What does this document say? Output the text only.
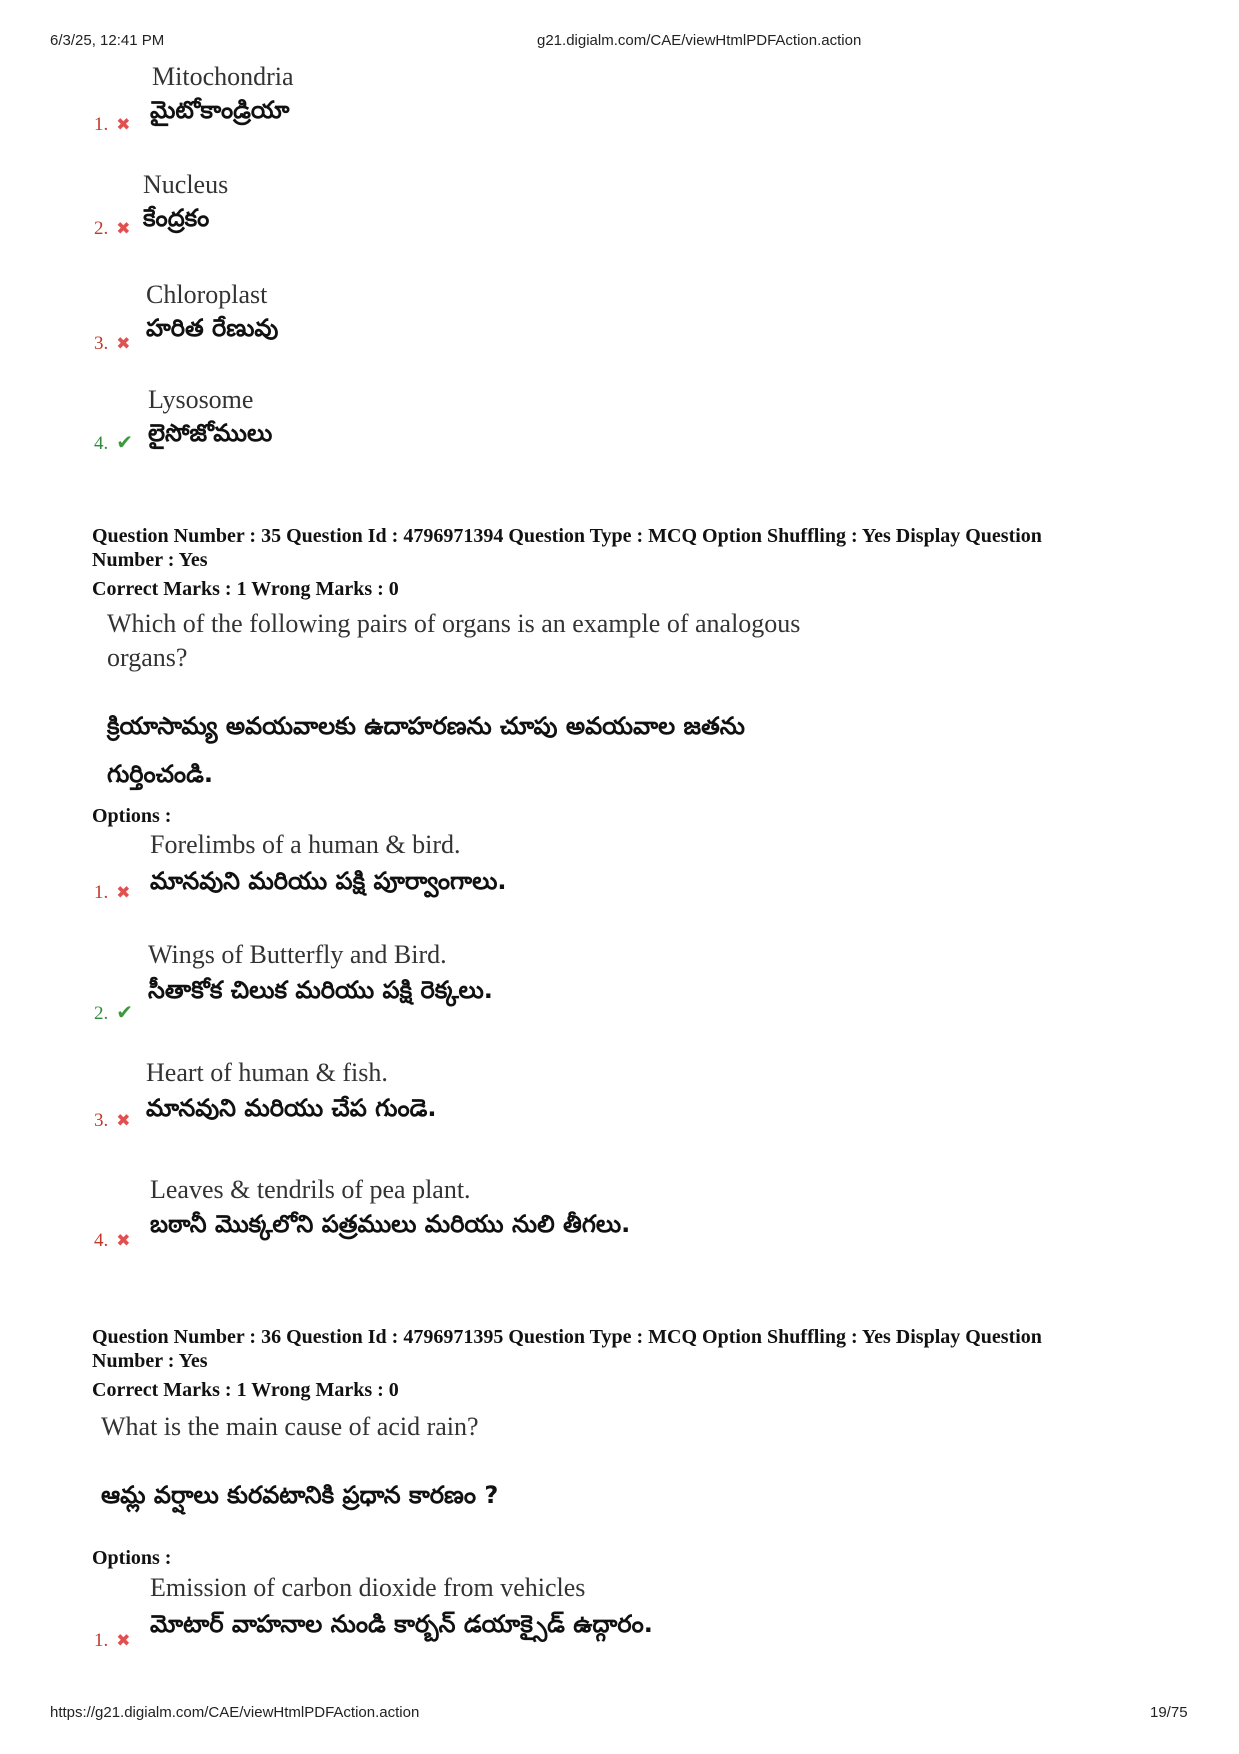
6/3/25, 12:41 PM	g21.digialm.com/CAE/viewHtmlPDFAction.action
Mitochondria
మైటోకాండ్రియా
1. ✖
Nucleus
కేంద్రకం
2. ✖
Chloroplast
హరిత రేణువు
3. ✖
Lysosome
లైసోజోములు
4. ✔
Question Number : 35 Question Id : 4796971394 Question Type : MCQ Option Shuffling : Yes Display Question
Number : Yes
Correct Marks : 1 Wrong Marks : 0
Which of the following pairs of organs is an example of analogous
organs?
క్రియాసామ్య అవయవాలకు ఉదాహరణను చూపు అవయవాల జతను
గుర్తించండి.
Options :
Forelimbs of a human & bird.
మానవుని మరియు పక్షి పూర్వాంగాలు.
1. ✖
Wings of Butterfly and Bird.
సీతాకోక చిలుక మరియు పక్షి రెక్కలు.
2. ✔
Heart of human & fish.
మానవుని మరియు చేప గుండె.
3. ✖
Leaves & tendrils of pea plant.
బఠానీ మొక్కలోని పత్రములు మరియు నులి తీగలు.
4. ✖
Question Number : 36 Question Id : 4796971395 Question Type : MCQ Option Shuffling : Yes Display Question
Number : Yes
Correct Marks : 1 Wrong Marks : 0
What is the main cause of acid rain?
ఆమ్ల వర్షాలు కురవటానికి ప్రధాన కారణం ?
Options :
Emission of carbon dioxide from vehicles
మోటార్ వాహనాల నుండి కార్బన్ డయాక్సైడ్ ఉద్గారం.
1. ✖
https://g21.digialm.com/CAE/viewHtmlPDFAction.action	19/75
